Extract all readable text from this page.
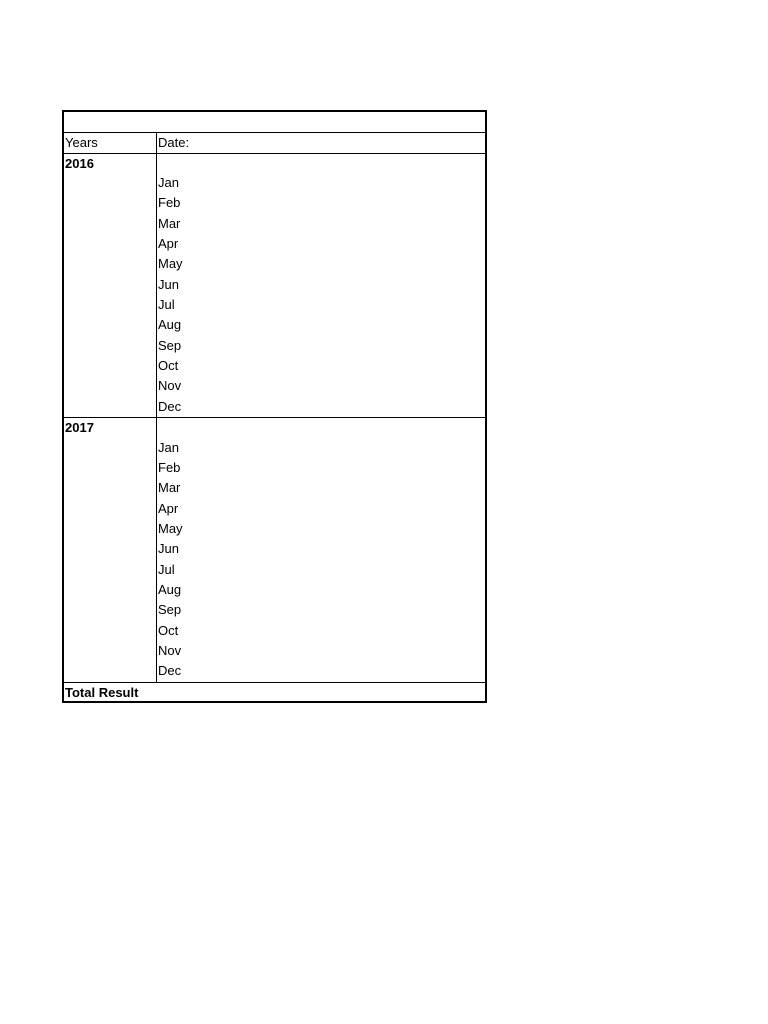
Years	Date:
2016
Jan
Feb
Mar
Apr
May
Jun
Jul
Aug
Sep
Oct
Nov
Dec
2017
Jan
Feb
Mar
Apr
May
Jun
Jul
Aug
Sep
Oct
Nov
Dec
Total Result
